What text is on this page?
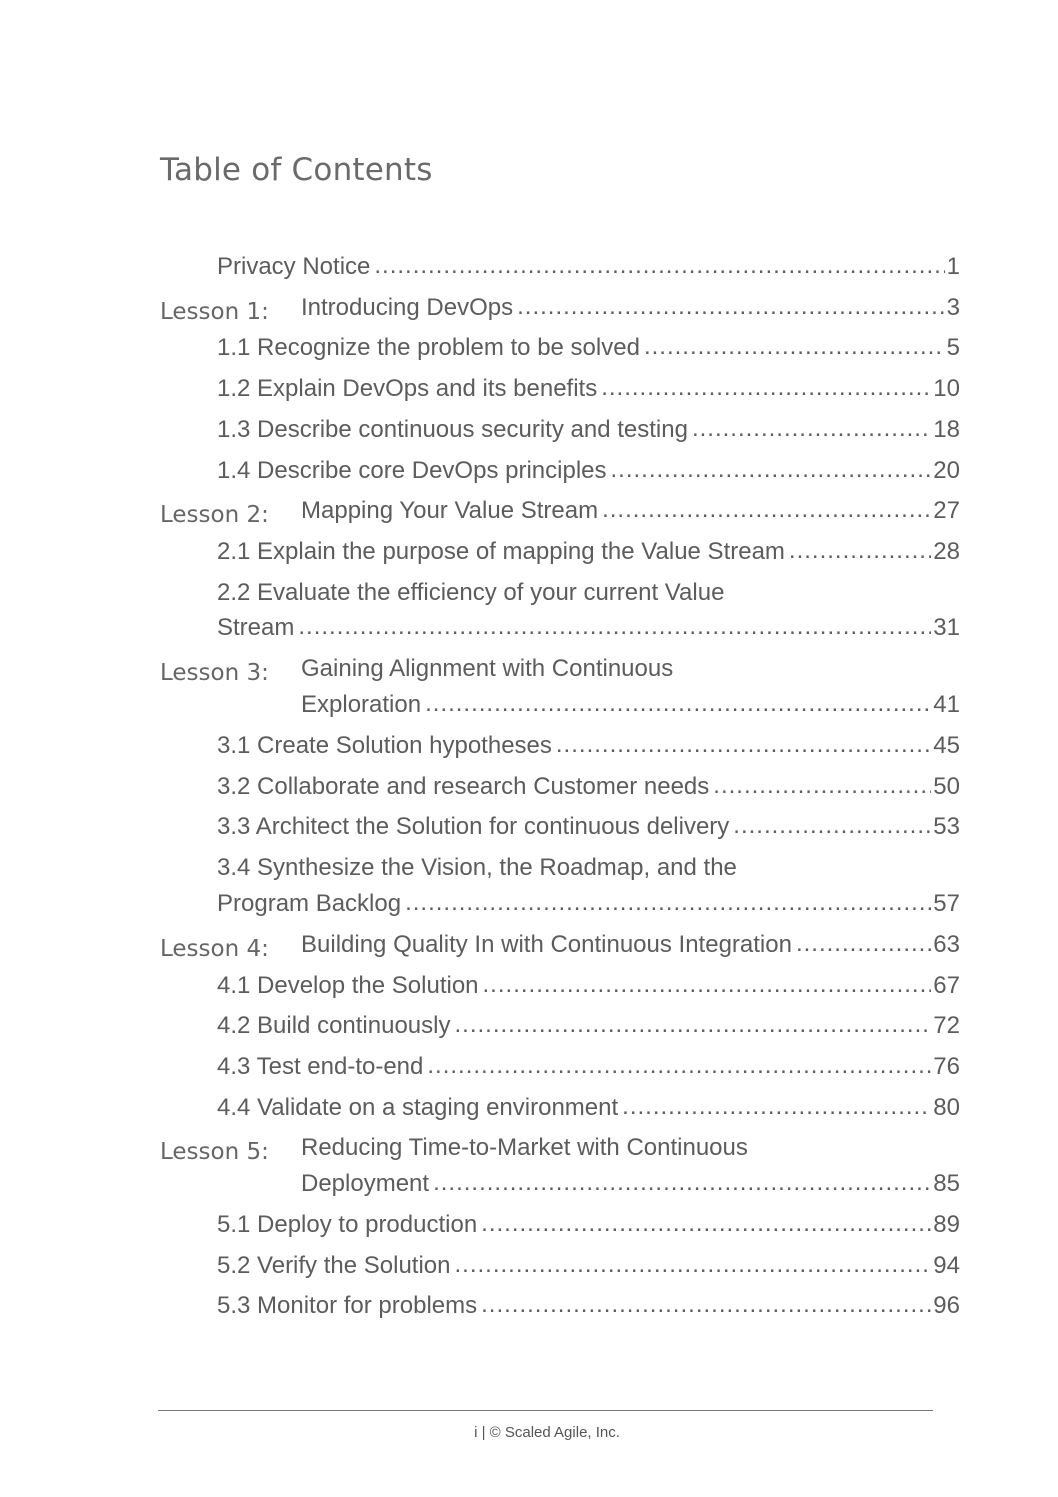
Table of Contents
Privacy Notice .....	1
Lesson 1: Introducing DevOps .....	3
1.1 Recognize the problem to be solved .....	5
1.2 Explain DevOps and its benefits .....	10
1.3 Describe continuous security and testing .....	18
1.4 Describe core DevOps principles .....	20
Lesson 2: Mapping Your Value Stream .....	27
2.1 Explain the purpose of mapping the Value Stream .....	28
2.2 Evaluate the efficiency of your current Value
Stream .....	31
Lesson 3: Gaining Alignment with Continuous
Exploration .....	41
3.1 Create Solution hypotheses .....	45
3.2 Collaborate and research Customer needs .....	50
3.3 Architect the Solution for continuous delivery .....	53
3.4 Synthesize the Vision, the Roadmap, and the
Program Backlog .....	57
Lesson 4: Building Quality In with Continuous Integration .....	63
4.1 Develop the Solution .....	67
4.2 Build continuously .....	72
4.3 Test end-to-end .....	76
4.4 Validate on a staging environment .....	80
Lesson 5: Reducing Time-to-Market with Continuous
Deployment .....	85
5.1 Deploy to production .....	89
5.2 Verify the Solution .....	94
5.3 Monitor for problems .....	96
i | © Scaled Agile, Inc.
